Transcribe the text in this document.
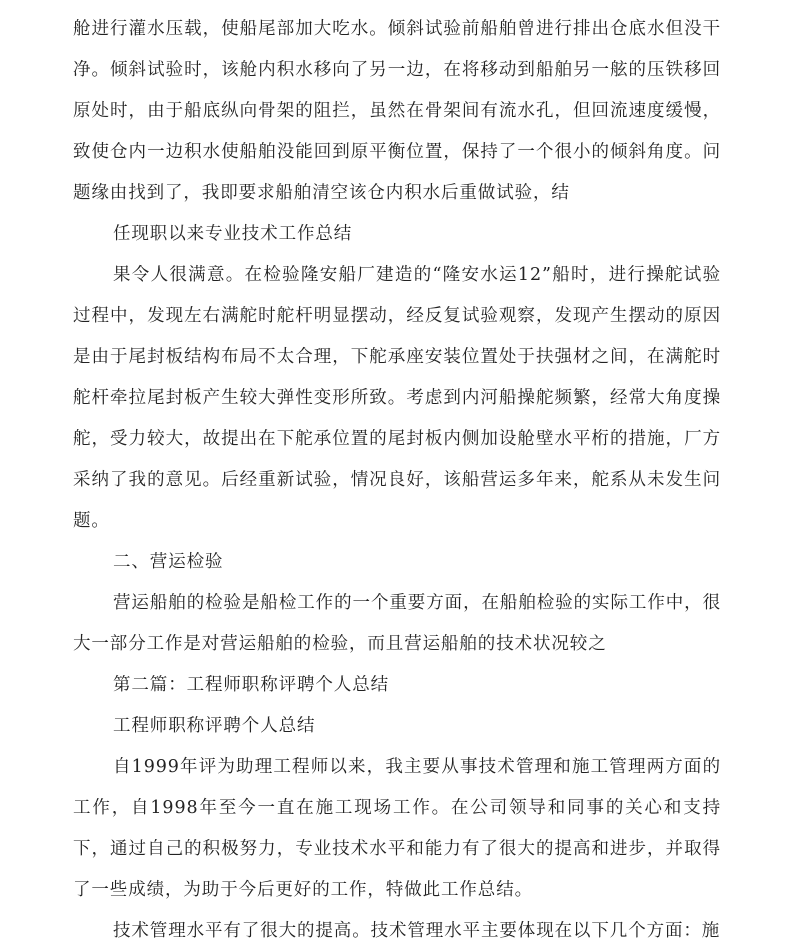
舱进行灌水压载，使船尾部加大吃水。倾斜试验前船舶曾进行排出仓底水但没干净。倾斜试验时，该舱内积水移向了另一边，在将移动到船舶另一舷的压铁移回原处时，由于船底纵向骨架的阻拦，虽然在骨架间有流水孔，但回流速度缓慢，致使仓内一边积水使船舶没能回到原平衡位置，保持了一个很小的倾斜角度。问题缘由找到了，我即要求船舶清空该仓内积水后重做试验，结

任现职以来专业技术工作总结

果令人很满意。在检验隆安船厂建造的“隆安水运12”船时，进行操舵试验过程中，发现左右满舵时舵杆明显摆动，经反复试验观察，发现产生摆动的原因是由于尾封板结构布局不太合理，下舵承座安装位置处于扶强材之间，在满舵时舵杆牵拉尾封板产生较大弹性变形所致。考虑到内河船操舵频繁，经常大角度操舵，受力较大，故提出在下舵承位置的尾封板内侧加设舱壁水平桁的措施，厂方采纳了我的意见。后经重新试验，情况良好，该船营运多年来，舵系从未发生问题。

二、营运检验

营运船舶的检验是船检工作的一个重要方面，在船舶检验的实际工作中，很大一部分工作是对营运船舶的检验，而且营运船舶的技术状况较之

第二篇：工程师职称评聘个人总结

工程师职称评聘个人总结

自1999年评为助理工程师以来，我主要从事技术管理和施工管理两方面的工作，自1998年至今一直在施工现场工作。在公司领导和同事的关心和支持下，通过自己的积极努力，专业技术水平和能力有了很大的提高和进步，并取得了一些成绩，为助于今后更好的工作，特做此工作总结。

技术管理水平有了很大的提高。技术管理水平主要体现在以下几个方面：施
